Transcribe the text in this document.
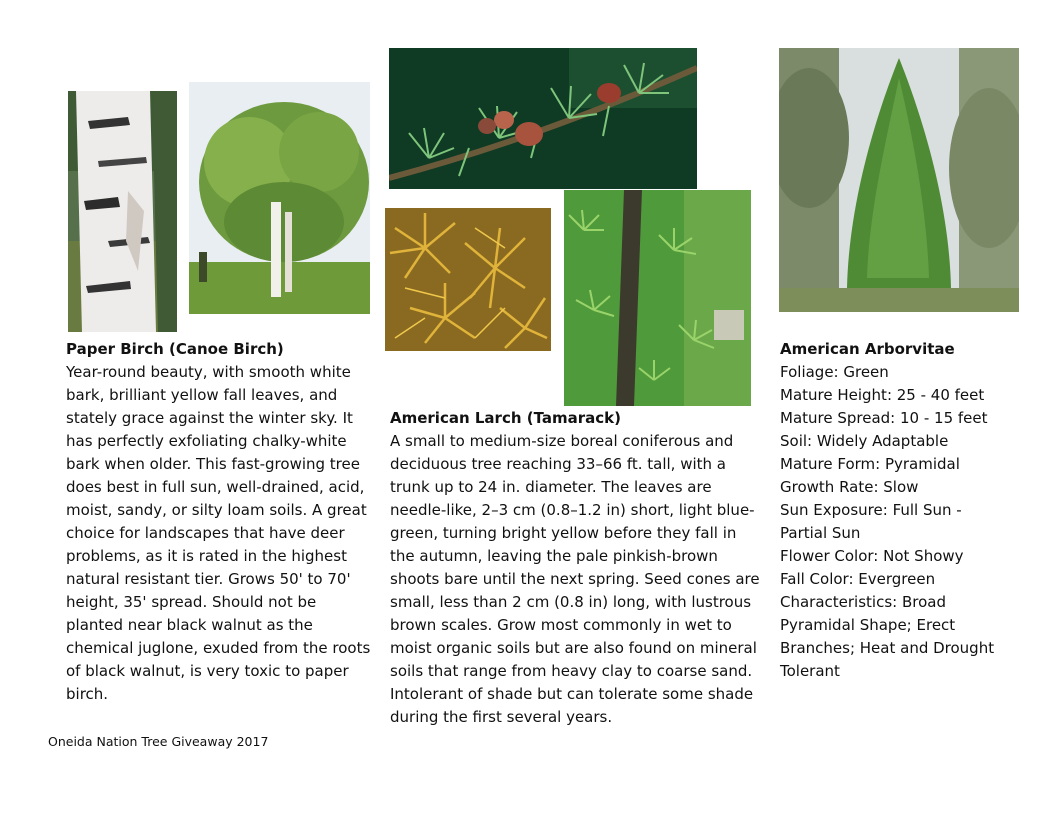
Paper Birch (Canoe Birch)
Year-round beauty, with smooth white
bark, brilliant yellow fall leaves, and
stately grace against the winter sky. It
has perfectly exfoliating chalky-white
bark when older. This fast-growing tree
does best in full sun, well-drained, acid,
moist, sandy, or silty loam soils. A great
choice for landscapes that have deer
problems, as it is rated in the highest
natural resistant tier. Grows 50' to 70'
height, 35' spread. Should not be
planted near black walnut as the
chemical juglone, exuded from the roots
of black walnut, is very toxic to paper
birch.
American Larch (Tamarack)
A small to medium-size boreal coniferous and
deciduous tree reaching 33–66 ft. tall, with a
trunk up to 24 in. diameter. The leaves are
needle-like, 2–3 cm (0.8–1.2 in) short, light blue-
green, turning bright yellow before they fall in
the autumn, leaving the pale pinkish-brown
shoots bare until the next spring. Seed cones are
small, less than 2 cm (0.8 in) long, with lustrous
brown scales. Grow most commonly in wet to
moist organic soils but are also found on mineral
soils that range from heavy clay to coarse sand.
Intolerant of shade but can tolerate some shade
during the first several years.
American Arborvitae
Foliage: Green
Mature Height: 25 - 40 feet
Mature Spread: 10 - 15 feet
Soil: Widely Adaptable
Mature Form: Pyramidal
Growth Rate: Slow
Sun Exposure: Full Sun -
Partial Sun
Flower Color: Not Showy
Fall Color: Evergreen
Characteristics: Broad
Pyramidal Shape; Erect
Branches; Heat and Drought
Tolerant
Oneida Nation Tree Giveaway 2017
